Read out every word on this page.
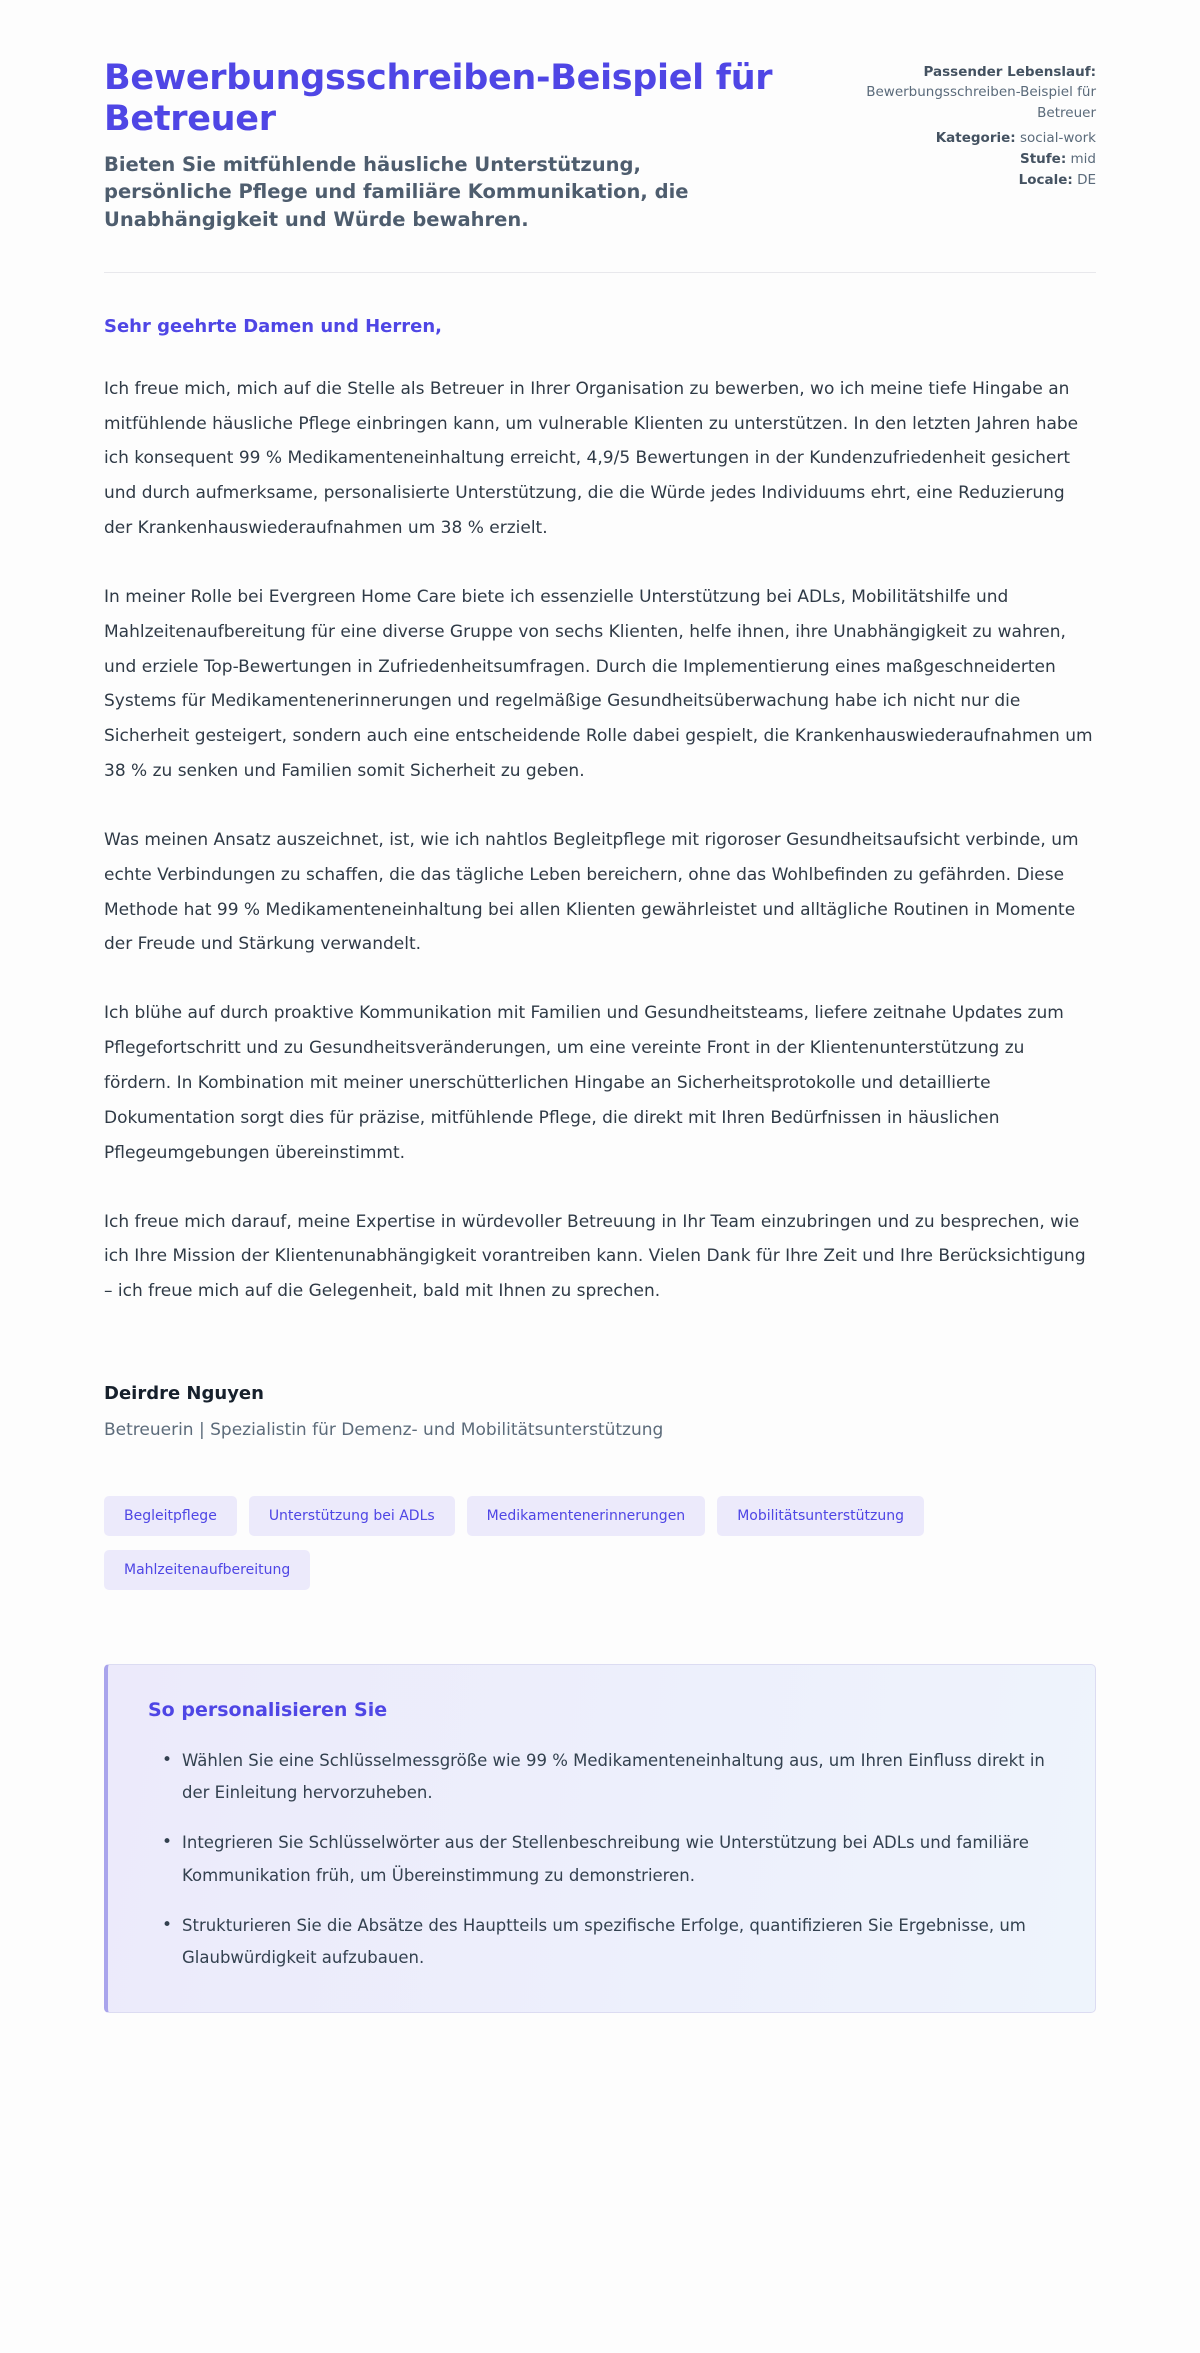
Bewerbungsschreiben-Beispiel für Betreuer

Bieten Sie mitfühlende häusliche Unterstützung, persönliche Pflege und familiäre Kommunikation, die Unabhängigkeit und Würde bewahren.

Passender Lebenslauf:
Bewerbungsschreiben-Beispiel für Betreuer
Kategorie: social-work
Stufe: mid
Locale: DE

Sehr geehrte Damen und Herren,

Ich freue mich, mich auf die Stelle als Betreuer in Ihrer Organisation zu bewerben, wo ich meine tiefe Hingabe an mitfühlende häusliche Pflege einbringen kann, um vulnerable Klienten zu unterstützen. In den letzten Jahren habe ich konsequent 99 % Medikamenteneinhaltung erreicht, 4,9/5 Bewertungen in der Kundenzufriedenheit gesichert und durch aufmerksame, personalisierte Unterstützung, die die Würde jedes Individuums ehrt, eine Reduzierung der Krankenhauswiederaufnahmen um 38 % erzielt.

In meiner Rolle bei Evergreen Home Care biete ich essenzielle Unterstützung bei ADLs, Mobilitätshilfe und Mahlzeitenaufbereitung für eine diverse Gruppe von sechs Klienten, helfe ihnen, ihre Unabhängigkeit zu wahren, und erziele Top-Bewertungen in Zufriedenheitsumfragen. Durch die Implementierung eines maßgeschneiderten Systems für Medikamentenerinnerungen und regelmäßige Gesundheitsüberwachung habe ich nicht nur die Sicherheit gesteigert, sondern auch eine entscheidende Rolle dabei gespielt, die Krankenhauswiederaufnahmen um 38 % zu senken und Familien somit Sicherheit zu geben.

Was meinen Ansatz auszeichnet, ist, wie ich nahtlos Begleitpflege mit rigoroser Gesundheitsaufsicht verbinde, um echte Verbindungen zu schaffen, die das tägliche Leben bereichern, ohne das Wohlbefinden zu gefährden. Diese Methode hat 99 % Medikamenteneinhaltung bei allen Klienten gewährleistet und alltägliche Routinen in Momente der Freude und Stärkung verwandelt.

Ich blühe auf durch proaktive Kommunikation mit Familien und Gesundheitsteams, liefere zeitnahe Updates zum Pflegefortschritt und zu Gesundheitsveränderungen, um eine vereinte Front in der Klientenunterstützung zu fördern. In Kombination mit meiner unerschütterlichen Hingabe an Sicherheitsprotokolle und detaillierte Dokumentation sorgt dies für präzise, mitfühlende Pflege, die direkt mit Ihren Bedürfnissen in häuslichen Pflegeumgebungen übereinstimmt.

Ich freue mich darauf, meine Expertise in würdevoller Betreuung in Ihr Team einzubringen und zu besprechen, wie ich Ihre Mission der Klientenunabhängigkeit vorantreiben kann. Vielen Dank für Ihre Zeit und Ihre Berücksichtigung – ich freue mich auf die Gelegenheit, bald mit Ihnen zu sprechen.

Deirdre Nguyen

Betreuerin | Spezialistin für Demenz- und Mobilitätsunterstützung

Begleitpflege	Unterstützung bei ADLs	Medikamentenerinnerungen	Mobilitätsunterstützung
Mahlzeitenaufbereitung

So personalisieren Sie

• Wählen Sie eine Schlüsselmessgröße wie 99 % Medikamenteneinhaltung aus, um Ihren Einfluss direkt in der Einleitung hervorzuheben.
• Integrieren Sie Schlüsselwörter aus der Stellenbeschreibung wie Unterstützung bei ADLs und familiäre Kommunikation früh, um Übereinstimmung zu demonstrieren.
• Strukturieren Sie die Absätze des Hauptteils um spezifische Erfolge, quantifizieren Sie Ergebnisse, um Glaubwürdigkeit aufzubauen.
